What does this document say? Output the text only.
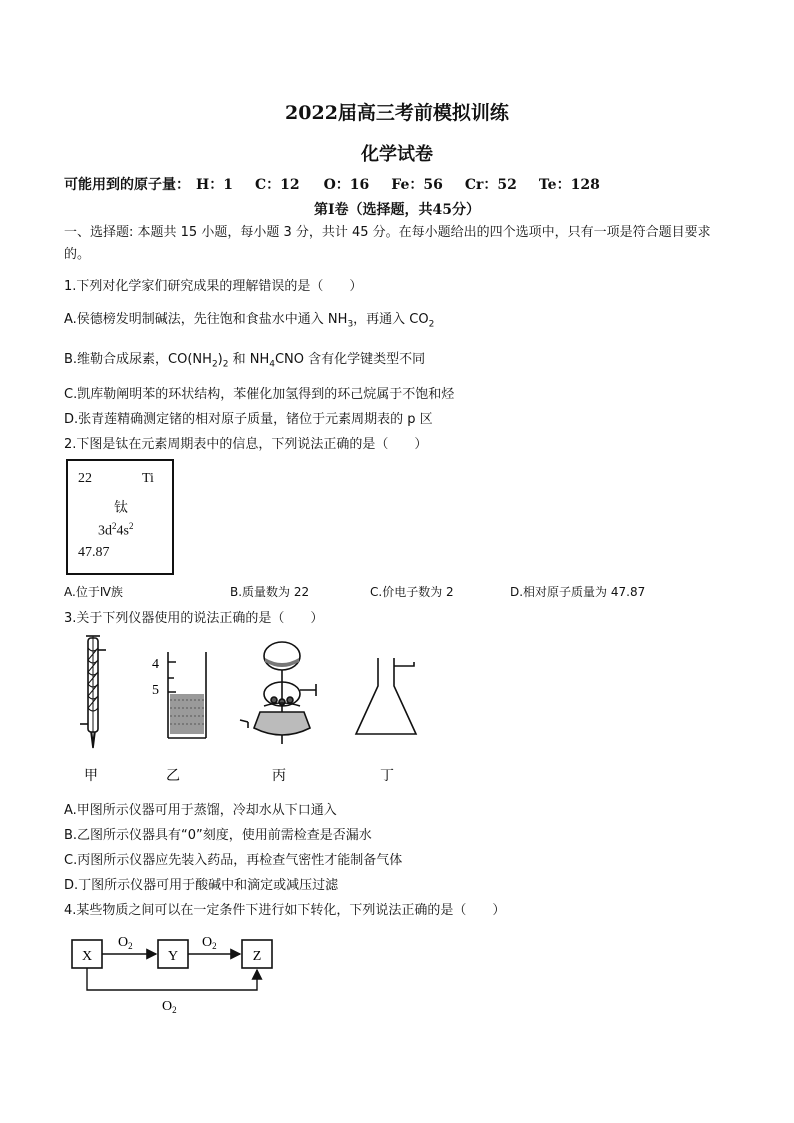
2022届高三考前模拟训练
化学试卷
可能用到的原子量： H：1 C：12 O：16 Fe：56 Cr：52 Te：128
第Ⅰ卷（选择题，共45分）
一、选择题: 本题共 15 小题，每小题 3 分，共计 45 分。在每小题给出的四个选项中，只有一项是符合题目要求的。
1.下列对化学家们研究成果的理解错误的是（　　）
A.侯德榜发明制碱法，先往饱和食盐水中通入 $NH_3$，再通入 $CO_2$
B.维勒合成尿素，$CO(NH_2)_2$ 和 $NH_4CNO$ 含有化学键类型不同
C.凯库勒阐明苯的环状结构，苯催化加氢得到的环己烷属于不饱和烃
D.张青莲精确测定锗的相对原子质量，锗位于元素周期表的 p 区
2.下图是钛在元素周期表中的信息，下列说法正确的是（　　）
22	Ti
钛
$3d^24s^2$
47.87
A.位于Ⅳ族	B.质量数为 22	C.价电子数为 2	D.相对原子质量为 47.87
3.关于下列仪器使用的说法正确的是（　　）
4
5
甲	乙	丙	丁
A.甲图所示仪器可用于蒸馏，冷却水从下口通入
B.乙图所示仪器具有“0”刻度，使用前需检查是否漏水
C.丙图所示仪器应先装入药品，再检查气密性才能制备气体
D.丁图所示仪器可用于酸碱中和滴定或减压过滤
4.某些物质之间可以在一定条件下进行如下转化，下列说法正确的是（　　）
X	Y	Z
$O_2$	$O_2$
$O_2$
